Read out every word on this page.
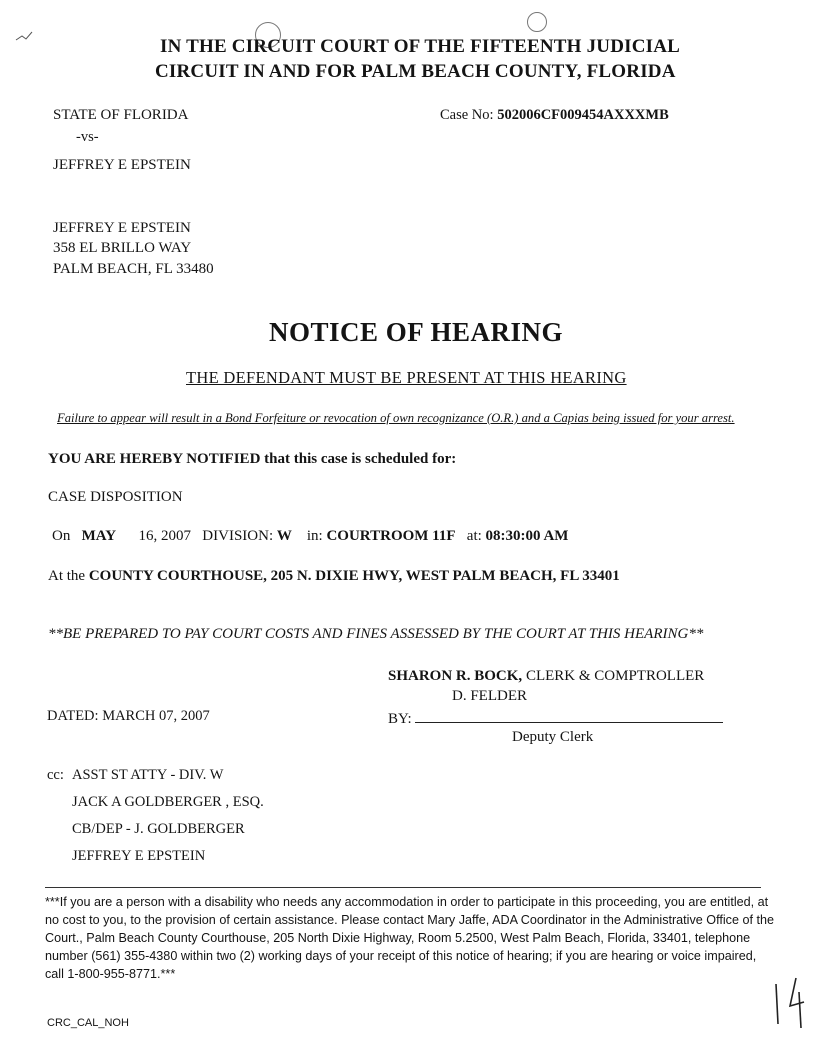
IN THE CIRCUIT COURT OF THE FIFTEENTH JUDICIAL
CIRCUIT IN AND FOR PALM BEACH COUNTY, FLORIDA
STATE OF FLORIDA
-vs-
JEFFREY E EPSTEIN
Case No: 502006CF009454AXXXMB
JEFFREY E EPSTEIN
358 EL BRILLO WAY
PALM BEACH, FL 33480
NOTICE OF HEARING
THE DEFENDANT MUST BE PRESENT AT THIS HEARING
Failure to appear will result in a Bond Forfeiture or revocation of own recognizance (O.R.) and a Capias being issued for your arrest.
YOU ARE HEREBY NOTIFIED that this case is scheduled for:
CASE DISPOSITION
On MAY 16, 2007 DIVISION: W in: COURTROOM 11F at: 08:30:00 AM
At the COUNTY COURTHOUSE, 205 N. DIXIE HWY, WEST PALM BEACH, FL 33401
**BE PREPARED TO PAY COURT COSTS AND FINES ASSESSED BY THE COURT AT THIS HEARING**
SHARON R. BOCK, CLERK & COMPTROLLER
D. FELDER
BY:
Deputy Clerk
DATED: MARCH 07, 2007
cc: ASST ST ATTY - DIV. W
JACK A GOLDBERGER , ESQ.
CB/DEP - J. GOLDBERGER
JEFFREY E EPSTEIN
***If you are a person with a disability who needs any accommodation in order to participate in this proceeding, you are entitled, at no cost to you, to the provision of certain assistance. Please contact Mary Jaffe, ADA Coordinator in the Administrative Office of the Court., Palm Beach County Courthouse, 205 North Dixie Highway, Room 5.2500, West Palm Beach, Florida, 33401, telephone number (561) 355-4380 within two (2) working days of your receipt of this notice of hearing; if you are hearing or voice impaired, call 1-800-955-8771.***
CRC_CAL_NOH
